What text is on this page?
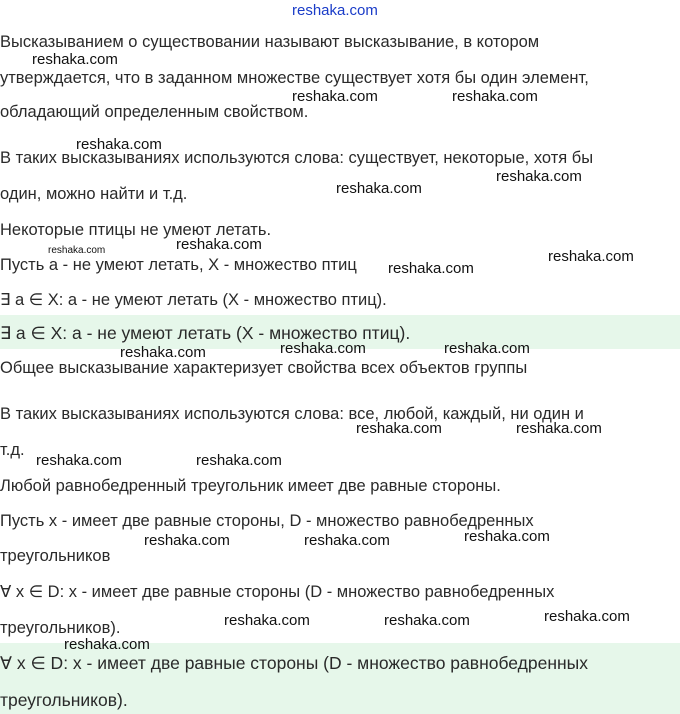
reshaka.com
Высказыванием о существовании называют высказывание, в котором
утверждается, что в заданном множестве существует хотя бы один элемент,
обладающий определенным свойством.
В таких высказываниях используются слова: существует, некоторые, хотя бы
один, можно найти и т.д.
Некоторые птицы не умеют летать.
Пусть a - не умеют летать, X - множество птиц
∃ a ∈ X: a - не умеют летать (X - множество птиц).
∃ a ∈ X: a - не умеют летать (X - множество птиц).
Общее высказывание характеризует свойства всех объектов группы
В таких высказываниях используются слова: все, любой, каждый, ни один и
т.д.
Любой равнобедренный треугольник имеет две равные стороны.
Пусть x - имеет две равные стороны, D - множество равнобедренных
треугольников
∀ x ∈ D: x - имеет две равные стороны (D - множество равнобедренных
треугольников).
∀ x ∈ D: x - имеет две равные стороны (D - множество равнобедренных
треугольников).
reshaka.com
reshaka.com	reshaka.com
reshaka.com
reshaka.com
reshaka.com
reshaka.com
reshaka.com	reshaka.com
reshaka.com
reshaka.com	reshaka.com
reshaka.com
reshaka.com	reshaka.com
reshaka.com	reshaka.com
reshaka.com
reshaka.com	reshaka.com
reshaka.com
reshaka.com	reshaka.com
reshaka.com
